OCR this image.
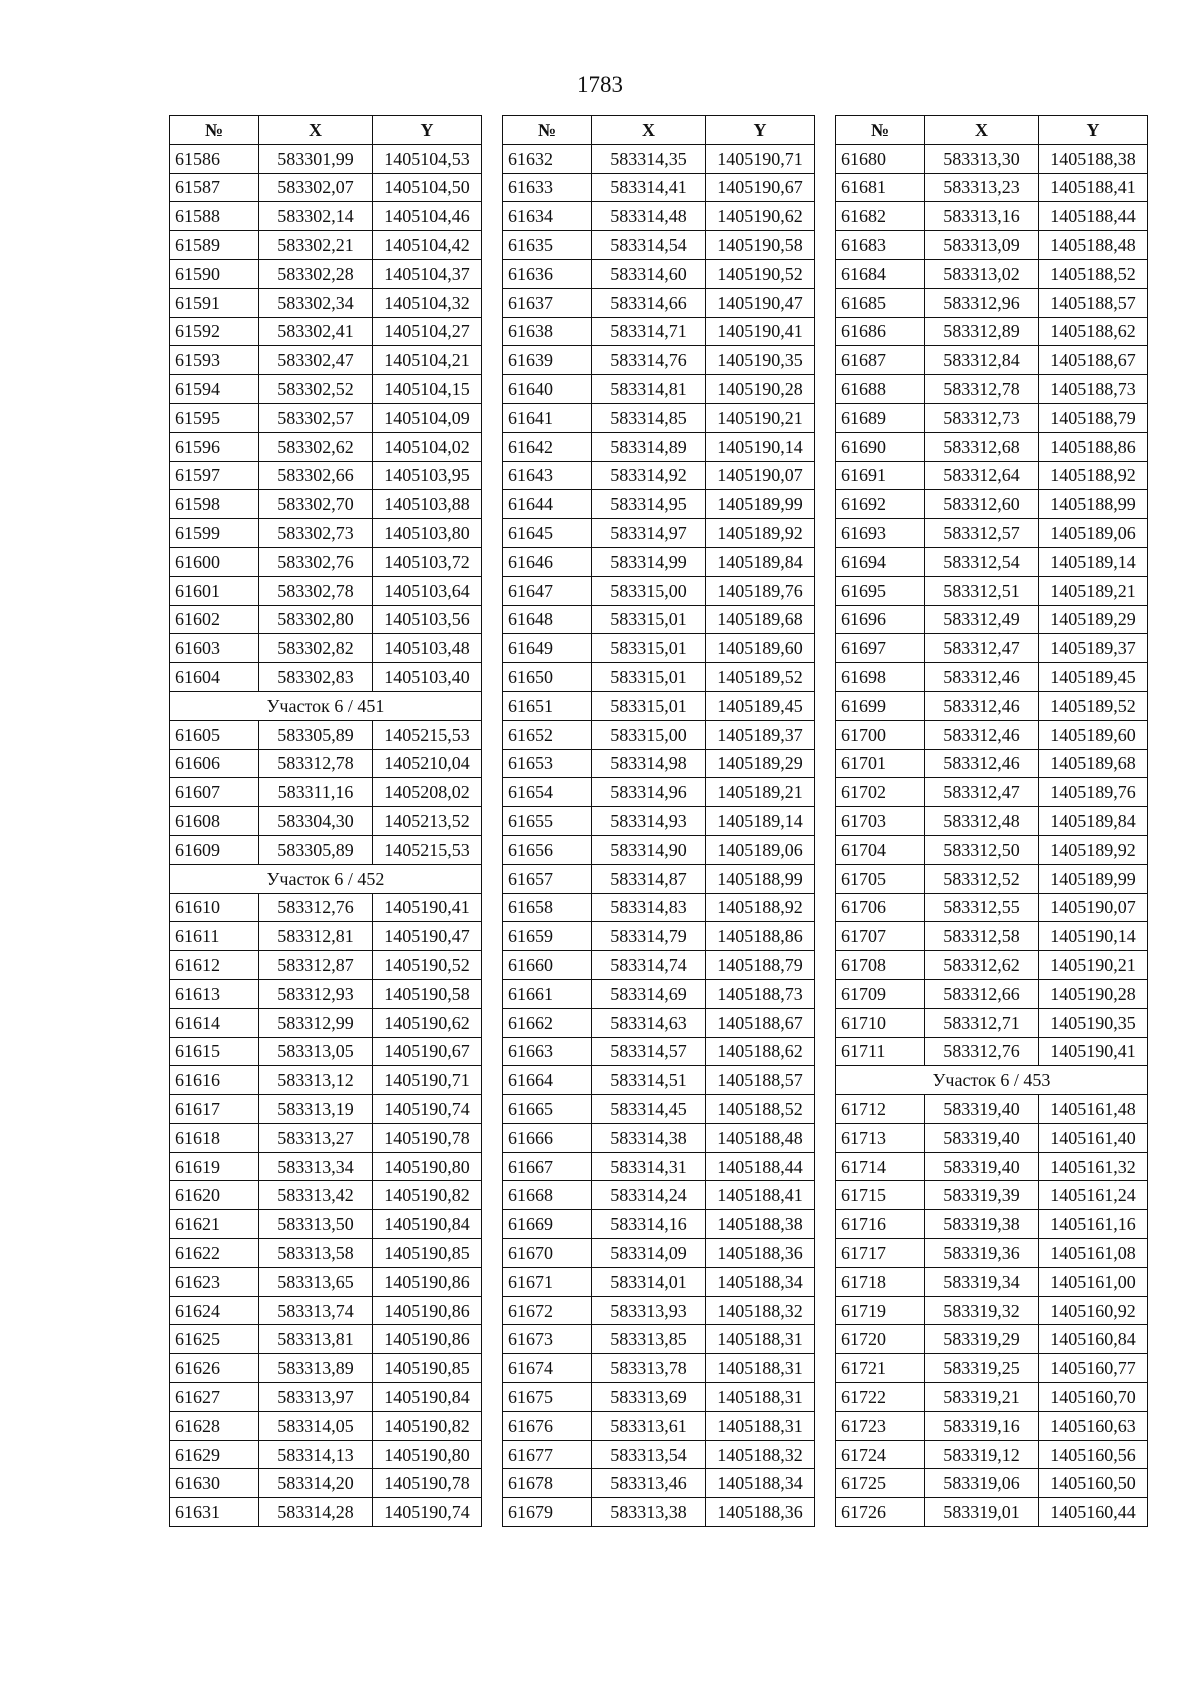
1783
№	X	Y
61586	583301,99	1405104,53
61587	583302,07	1405104,50
61588	583302,14	1405104,46
61589	583302,21	1405104,42
61590	583302,28	1405104,37
61591	583302,34	1405104,32
61592	583302,41	1405104,27
61593	583302,47	1405104,21
61594	583302,52	1405104,15
61595	583302,57	1405104,09
61596	583302,62	1405104,02
61597	583302,66	1405103,95
61598	583302,70	1405103,88
61599	583302,73	1405103,80
61600	583302,76	1405103,72
61601	583302,78	1405103,64
61602	583302,80	1405103,56
61603	583302,82	1405103,48
61604	583302,83	1405103,40
Участок 6 / 451		
61605	583305,89	1405215,53
61606	583312,78	1405210,04
61607	583311,16	1405208,02
61608	583304,30	1405213,52
61609	583305,89	1405215,53
Участок 6 / 452		
61610	583312,76	1405190,41
61611	583312,81	1405190,47
61612	583312,87	1405190,52
61613	583312,93	1405190,58
61614	583312,99	1405190,62
61615	583313,05	1405190,67
61616	583313,12	1405190,71
61617	583313,19	1405190,74
61618	583313,27	1405190,78
61619	583313,34	1405190,80
61620	583313,42	1405190,82
61621	583313,50	1405190,84
61622	583313,58	1405190,85
61623	583313,65	1405190,86
61624	583313,74	1405190,86
61625	583313,81	1405190,86
61626	583313,89	1405190,85
61627	583313,97	1405190,84
61628	583314,05	1405190,82
61629	583314,13	1405190,80
61630	583314,20	1405190,78
61631	583314,28	1405190,74
№	X	Y
61632	583314,35	1405190,71
61633	583314,41	1405190,67
61634	583314,48	1405190,62
61635	583314,54	1405190,58
61636	583314,60	1405190,52
61637	583314,66	1405190,47
61638	583314,71	1405190,41
61639	583314,76	1405190,35
61640	583314,81	1405190,28
61641	583314,85	1405190,21
61642	583314,89	1405190,14
61643	583314,92	1405190,07
61644	583314,95	1405189,99
61645	583314,97	1405189,92
61646	583314,99	1405189,84
61647	583315,00	1405189,76
61648	583315,01	1405189,68
61649	583315,01	1405189,60
61650	583315,01	1405189,52
61651	583315,01	1405189,45
61652	583315,00	1405189,37
61653	583314,98	1405189,29
61654	583314,96	1405189,21
61655	583314,93	1405189,14
61656	583314,90	1405189,06
61657	583314,87	1405188,99
61658	583314,83	1405188,92
61659	583314,79	1405188,86
61660	583314,74	1405188,79
61661	583314,69	1405188,73
61662	583314,63	1405188,67
61663	583314,57	1405188,62
61664	583314,51	1405188,57
61665	583314,45	1405188,52
61666	583314,38	1405188,48
61667	583314,31	1405188,44
61668	583314,24	1405188,41
61669	583314,16	1405188,38
61670	583314,09	1405188,36
61671	583314,01	1405188,34
61672	583313,93	1405188,32
61673	583313,85	1405188,31
61674	583313,78	1405188,31
61675	583313,69	1405188,31
61676	583313,61	1405188,31
61677	583313,54	1405188,32
61678	583313,46	1405188,34
61679	583313,38	1405188,36
№	X	Y
61680	583313,30	1405188,38
61681	583313,23	1405188,41
61682	583313,16	1405188,44
61683	583313,09	1405188,48
61684	583313,02	1405188,52
61685	583312,96	1405188,57
61686	583312,89	1405188,62
61687	583312,84	1405188,67
61688	583312,78	1405188,73
61689	583312,73	1405188,79
61690	583312,68	1405188,86
61691	583312,64	1405188,92
61692	583312,60	1405188,99
61693	583312,57	1405189,06
61694	583312,54	1405189,14
61695	583312,51	1405189,21
61696	583312,49	1405189,29
61697	583312,47	1405189,37
61698	583312,46	1405189,45
61699	583312,46	1405189,52
61700	583312,46	1405189,60
61701	583312,46	1405189,68
61702	583312,47	1405189,76
61703	583312,48	1405189,84
61704	583312,50	1405189,92
61705	583312,52	1405189,99
61706	583312,55	1405190,07
61707	583312,58	1405190,14
61708	583312,62	1405190,21
61709	583312,66	1405190,28
61710	583312,71	1405190,35
61711	583312,76	1405190,41
Участок 6 / 453		
61712	583319,40	1405161,48
61713	583319,40	1405161,40
61714	583319,40	1405161,32
61715	583319,39	1405161,24
61716	583319,38	1405161,16
61717	583319,36	1405161,08
61718	583319,34	1405161,00
61719	583319,32	1405160,92
61720	583319,29	1405160,84
61721	583319,25	1405160,77
61722	583319,21	1405160,70
61723	583319,16	1405160,63
61724	583319,12	1405160,56
61725	583319,06	1405160,50
61726	583319,01	1405160,44
